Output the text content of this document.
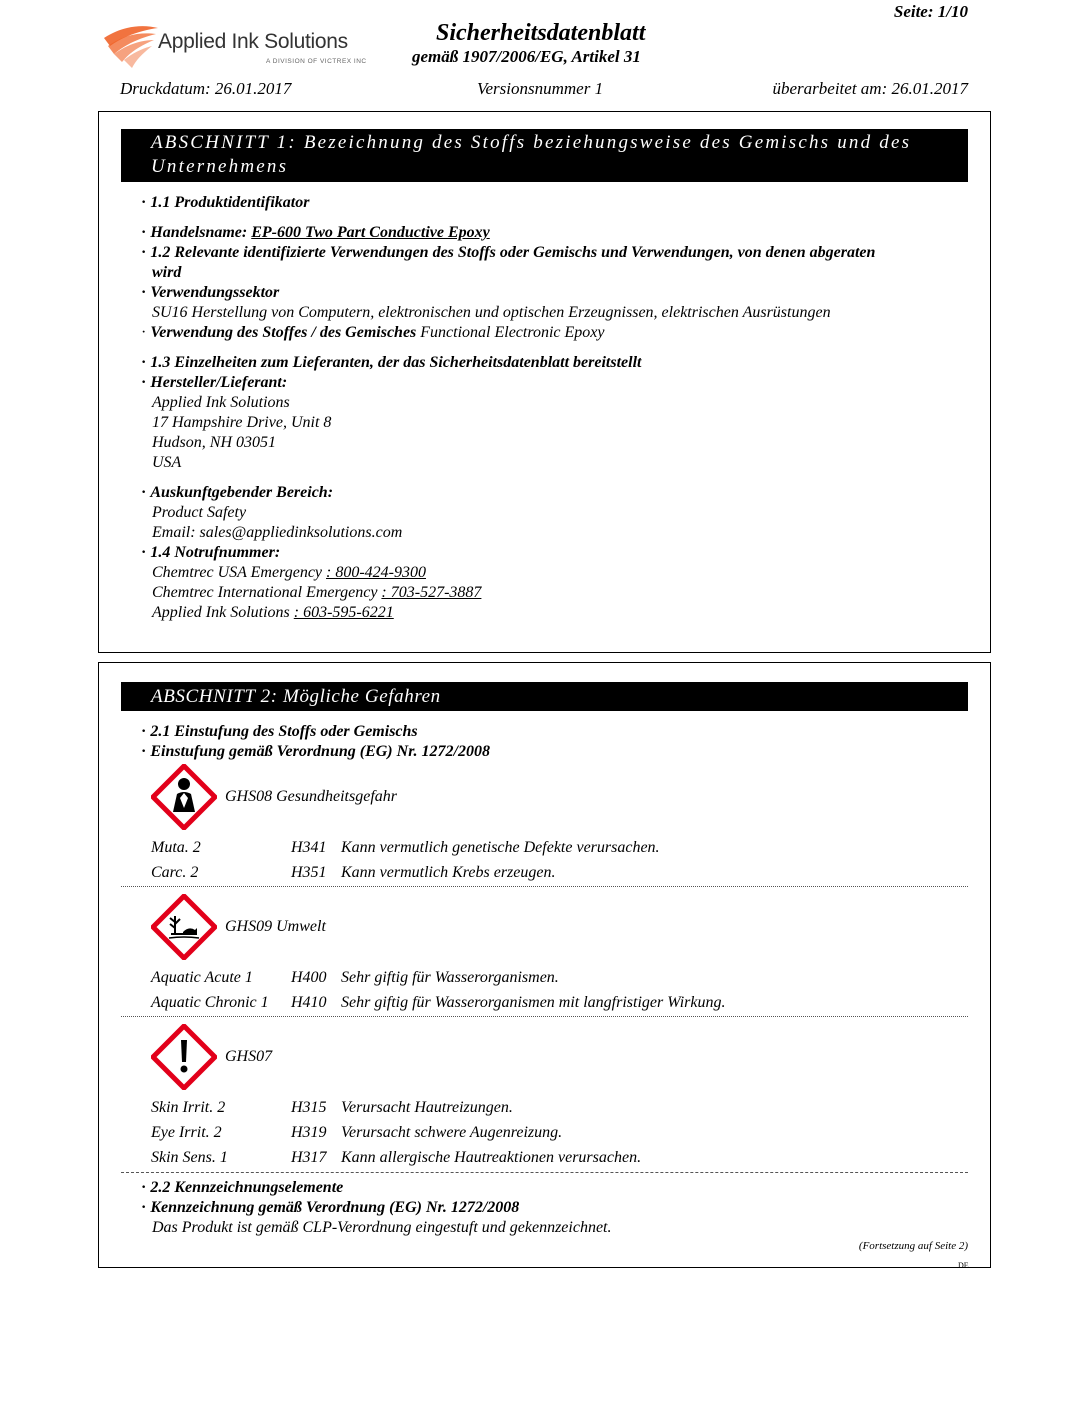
Seite: 1/10
Applied Ink Solutions
A DIVISION OF VICTREX INC
Sicherheitsdatenblatt
gemäß 1907/2006/EG, Artikel 31
Druckdatum: 26.01.2017	Versionsnummer 1	überarbeitet am: 26.01.2017
ABSCHNITT 1: Bezeichnung des Stoffs beziehungsweise des Gemischs und des
Unternehmens
· 1.1 Produktidentifikator
· Handelsname: EP-600 Two Part Conductive Epoxy
· 1.2 Relevante identifizierte Verwendungen des Stoffs oder Gemischs und Verwendungen, von denen abgeraten
wird
· Verwendungssektor
SU16 Herstellung von Computern, elektronischen und optischen Erzeugnissen, elektrischen Ausrüstungen
· Verwendung des Stoffes / des Gemisches Functional Electronic Epoxy
· 1.3 Einzelheiten zum Lieferanten, der das Sicherheitsdatenblatt bereitstellt
· Hersteller/Lieferant:
Applied Ink Solutions
17 Hampshire Drive, Unit 8
Hudson, NH 03051
USA
· Auskunftgebender Bereich:
Product Safety
Email: sales@appliedinksolutions.com
· 1.4 Notrufnummer:
Chemtrec USA Emergency : 800-424-9300
Chemtrec International Emergency : 703-527-3887
Applied Ink Solutions : 603-595-6221
ABSCHNITT 2: Mögliche Gefahren
· 2.1 Einstufung des Stoffs oder Gemischs
· Einstufung gemäß Verordnung (EG) Nr. 1272/2008
GHS08 Gesundheitsgefahr
Muta. 2	H341 Kann vermutlich genetische Defekte verursachen.
Carc. 2	H351 Kann vermutlich Krebs erzeugen.
GHS09 Umwelt
Aquatic Acute 1 H400 Sehr giftig für Wasserorganismen.
Aquatic Chronic 1 H410 Sehr giftig für Wasserorganismen mit langfristiger Wirkung.
GHS07
Skin Irrit. 2	H315 Verursacht Hautreizungen.
Eye Irrit. 2	H319 Verursacht schwere Augenreizung.
Skin Sens. 1	H317 Kann allergische Hautreaktionen verursachen.
· 2.2 Kennzeichnungselemente
· Kennzeichnung gemäß Verordnung (EG) Nr. 1272/2008
Das Produkt ist gemäß CLP-Verordnung eingestuft und gekennzeichnet.
(Fortsetzung auf Seite 2)
DE
